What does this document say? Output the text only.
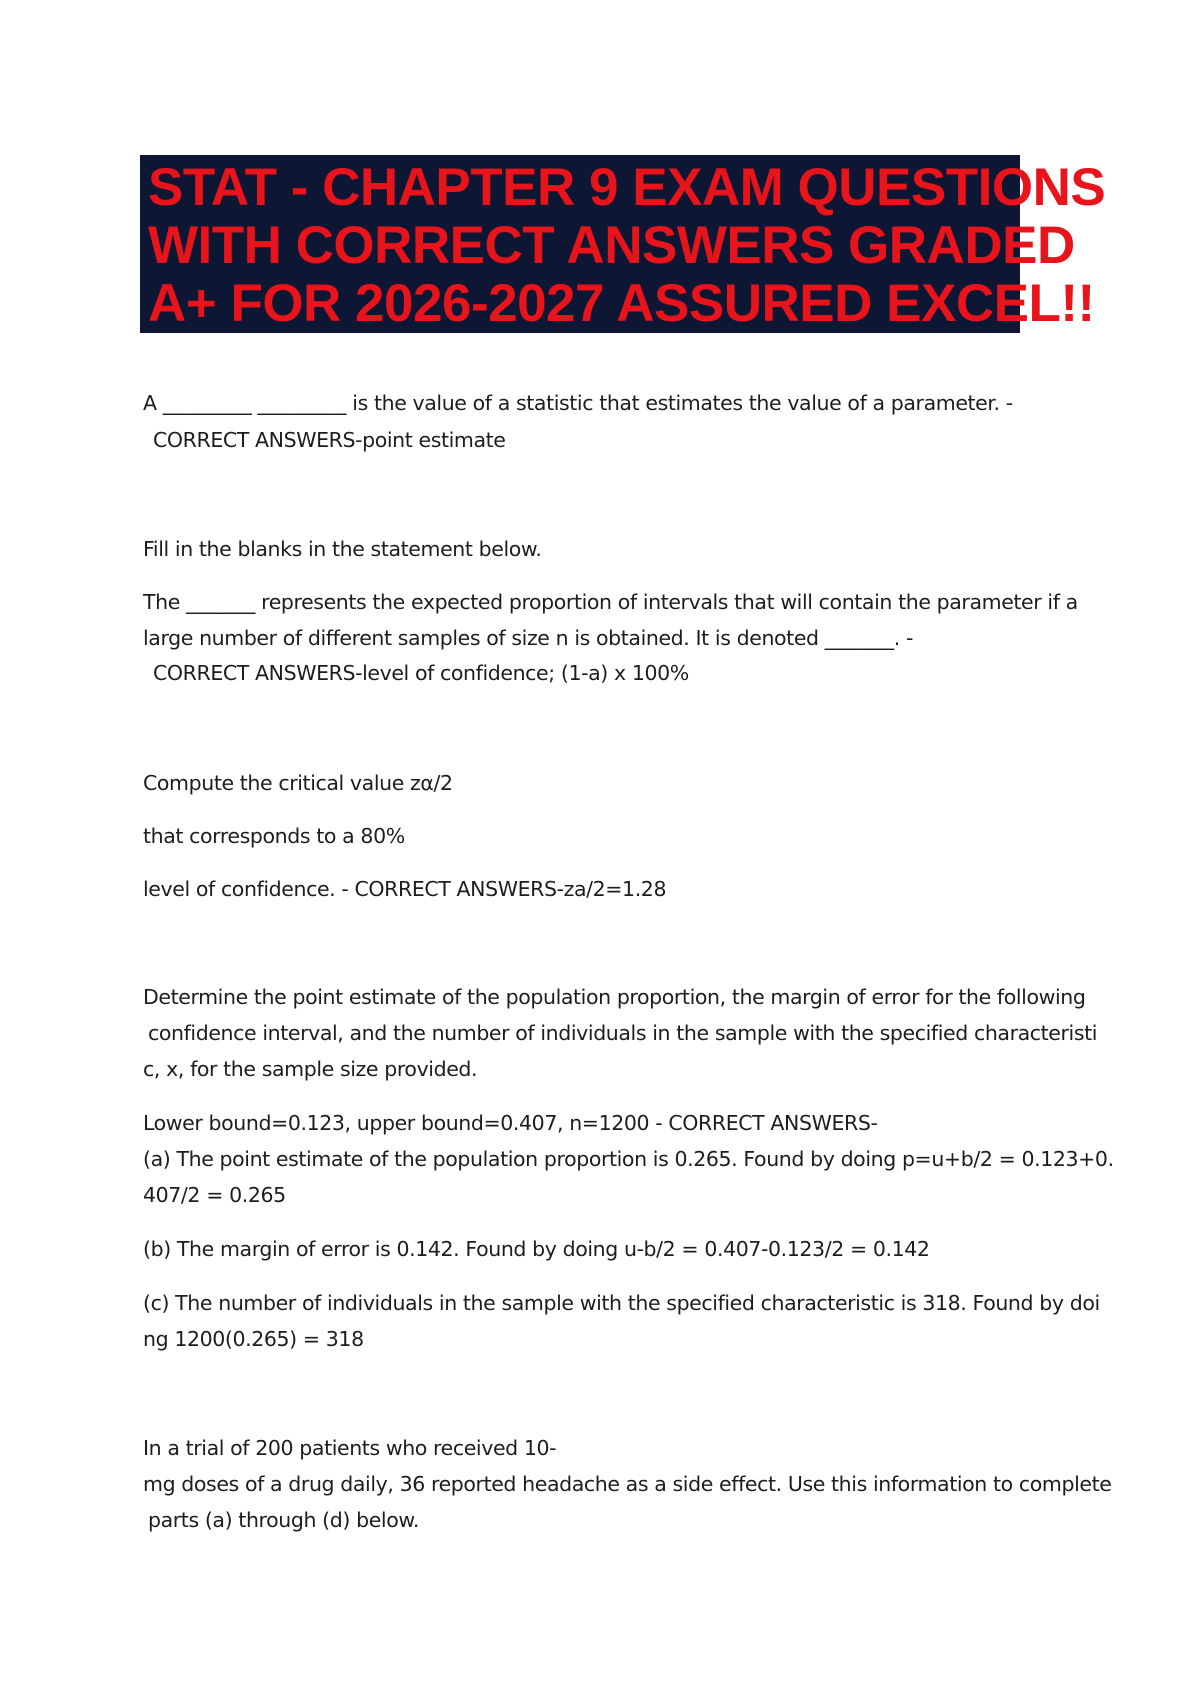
STAT - CHAPTER 9 EXAM QUESTIONS
WITH CORRECT ANSWERS GRADED
A+ FOR 2026-2027 ASSURED EXCEL!!
A _________ _________ is the value of a statistic that estimates the value of a parameter. -
CORRECT ANSWERS-point estimate
Fill in the blanks in the statement below.
The _______ represents the expected proportion of intervals that will contain the parameter if a
large number of different samples of size n is obtained. It is denoted _______. -
CORRECT ANSWERS-level of confidence; (1-a) x 100%
Compute the critical value zα/2
that corresponds to a 80%
level of confidence. - CORRECT ANSWERS-za/2=1.28
Determine the point estimate of the population proportion, the margin of error for the following
confidence interval, and the number of individuals in the sample with the specified characteristi
c, x, for the sample size provided.
Lower bound=0.123, upper bound=0.407, n=1200 - CORRECT ANSWERS-
(a) The point estimate of the population proportion is 0.265. Found by doing p=u+b/2 = 0.123+0.
407/2 = 0.265
(b) The margin of error is 0.142. Found by doing u-b/2 = 0.407-0.123/2 = 0.142
(c) The number of individuals in the sample with the specified characteristic is 318. Found by doi
ng 1200(0.265) = 318
In a trial of 200 patients who received 10-
mg doses of a drug daily, 36 reported headache as a side effect. Use this information to complete
parts (a) through (d) below.
